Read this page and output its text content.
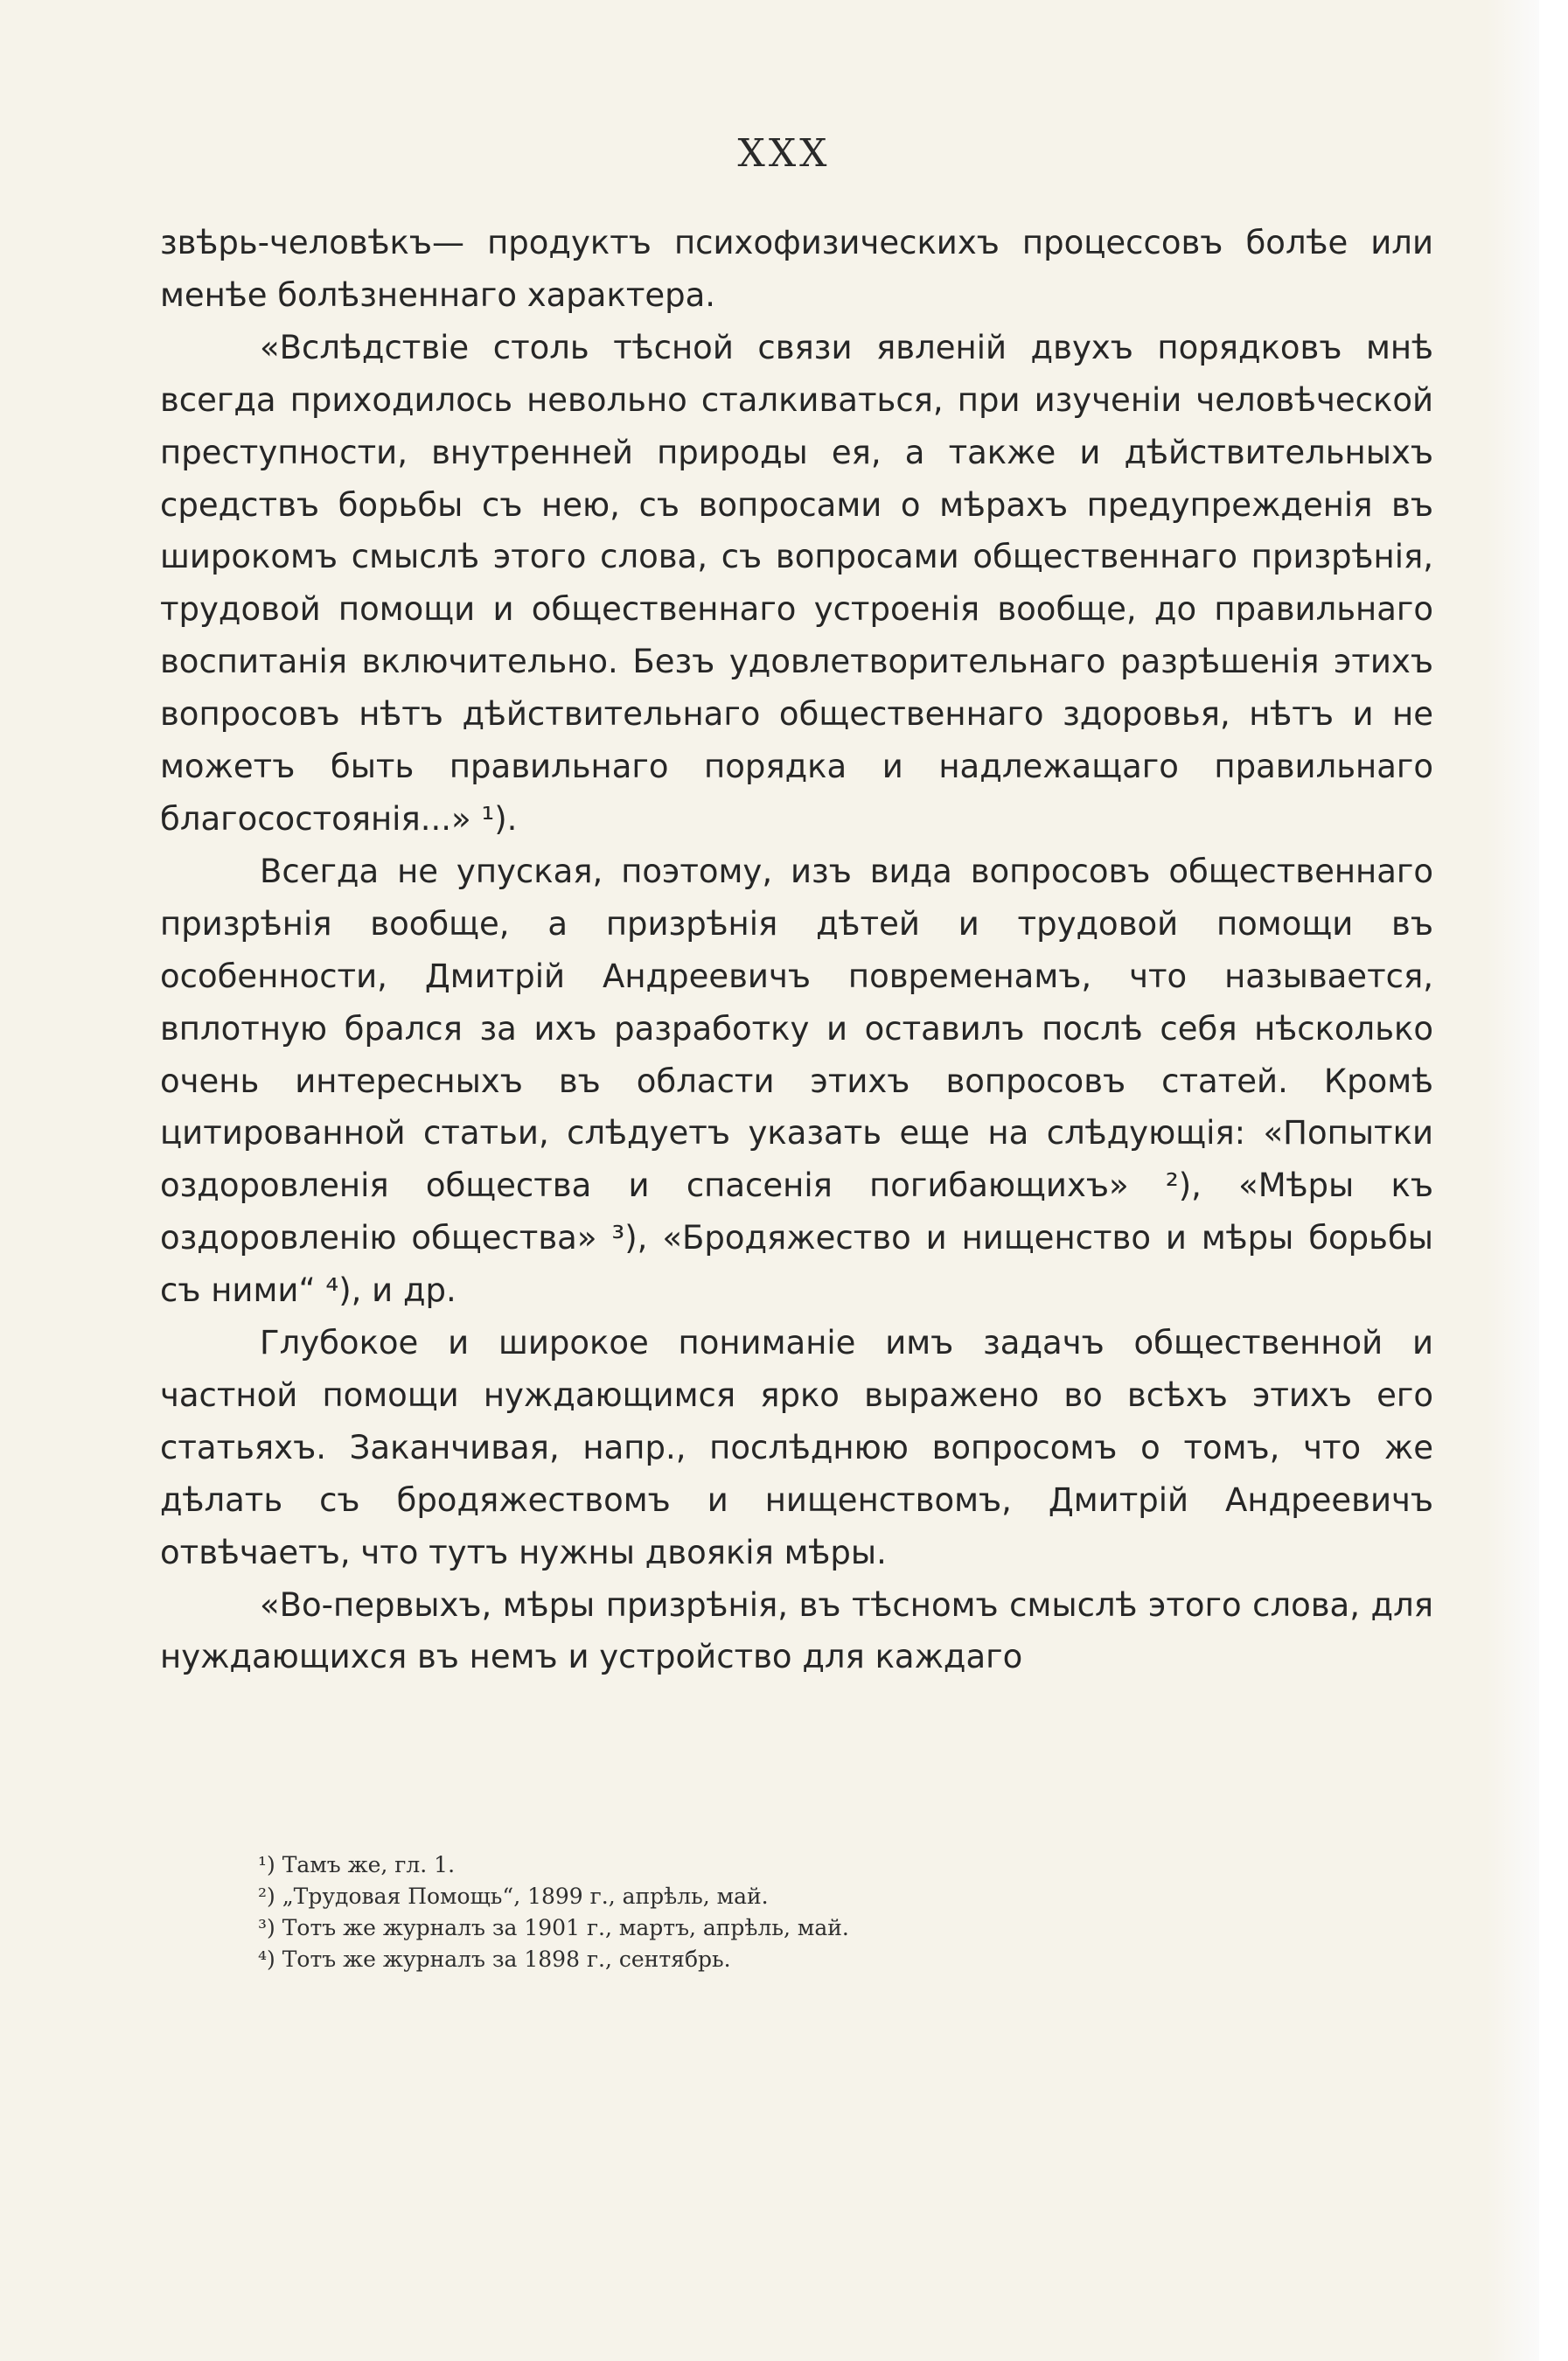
XXX

звѣрь-человѣкъ— продуктъ психофизическихъ процессовъ болѣе или менѣе болѣзненнаго характера.

«Вслѣдствіе столь тѣсной связи явленій двухъ порядковъ мнѣ всегда приходилось невольно сталкиваться, при изученіи человѣческой преступности, внутренней природы ея, а также и дѣйствительныхъ средствъ борьбы съ нею, съ вопросами о мѣрахъ предупрежденія въ широкомъ смыслѣ этого слова, съ вопросами общественнаго призрѣнія, трудовой помощи и общественнаго устроенія вообще, до правильнаго воспитанія включительно. Безъ удовлетворительнаго разрѣшенія этихъ вопросовъ нѣтъ дѣйствительнаго общественнаго здоровья, нѣтъ и не можетъ быть правильнаго порядка и надлежащаго правильнаго благосостоянія...» ¹).

Всегда не упуская, поэтому, изъ вида вопросовъ общественнаго призрѣнія вообще, а призрѣнія дѣтей и трудовой помощи въ особенности, Дмитрій Андреевичъ повременамъ, что называется, вплотную брался за ихъ разработку и оставилъ послѣ себя нѣсколько очень интересныхъ въ области этихъ вопросовъ статей. Кромѣ цитированной статьи, слѣдуетъ указать еще на слѣдующія: «Попытки оздоровленія общества и спасенія погибающихъ» ²), «Мѣры къ оздоровленію общества» ³), «Бродяжество и нищенство и мѣры борьбы съ ними“ ⁴), и др.

Глубокое и широкое пониманіе имъ задачъ общественной и частной помощи нуждающимся ярко выражено во всѣхъ этихъ его статьяхъ. Заканчивая, напр., послѣднюю вопросомъ о томъ, что же дѣлать съ бродяжествомъ и нищенствомъ, Дмитрій Андреевичъ отвѣчаетъ, что тутъ нужны двоякія мѣры.

«Во-первыхъ, мѣры призрѣнія, въ тѣсномъ смыслѣ этого слова, для нуждающихся въ немъ и устройство для каждаго

¹) Тамъ же, гл. 1.
²) „Трудовая Помощь“, 1899 г., апрѣль, май.
³) Тотъ же журналъ за 1901 г., мартъ, апрѣль, май.
⁴) Тотъ же журналъ за 1898 г., сентябрь.
